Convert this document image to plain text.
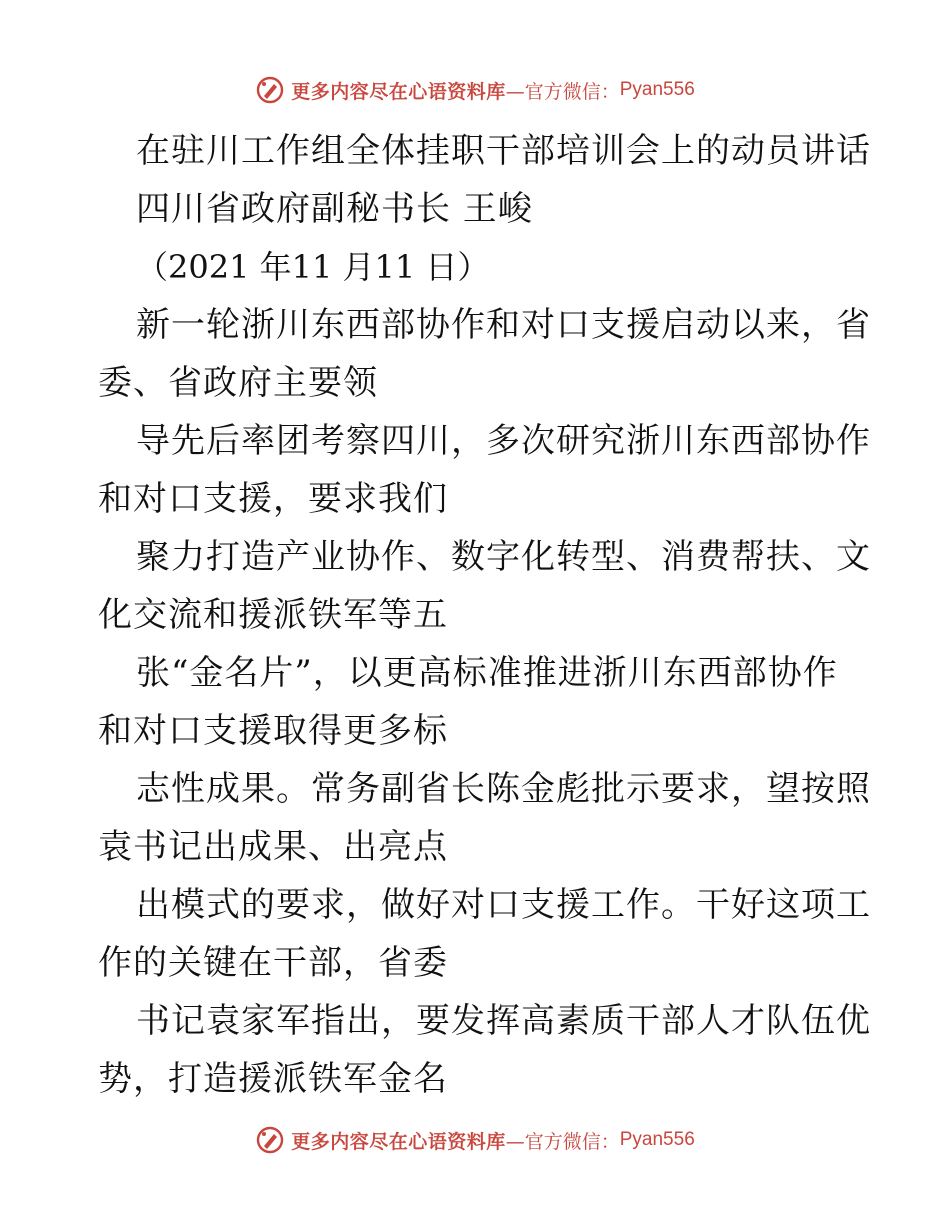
更多内容尽在心语资料库 —官方微信： Pyan556
在驻川工作组全体挂职干部培训会上的动员讲话
四川省政府副秘书长 王峻
（2021 年11 月11 日）
新一轮浙川东西部协作和对口支援启动以来，省
委、省政府主要领
导先后率团考察四川，多次研究浙川东西部协作
和对口支援，要求我们
聚力打造产业协作、数字化转型、消费帮扶、文
化交流和援派铁军等五
张“金名片”，以更高标准推进浙川东西部协作
和对口支援取得更多标
志性成果。常务副省长陈金彪批示要求，望按照
袁书记出成果、出亮点
出模式的要求，做好对口支援工作。干好这项工
作的关键在干部，省委
书记袁家军指出，要发挥高素质干部人才队伍优
势，打造援派铁军金名
更多内容尽在心语资料库 —官方微信： Pyan556
